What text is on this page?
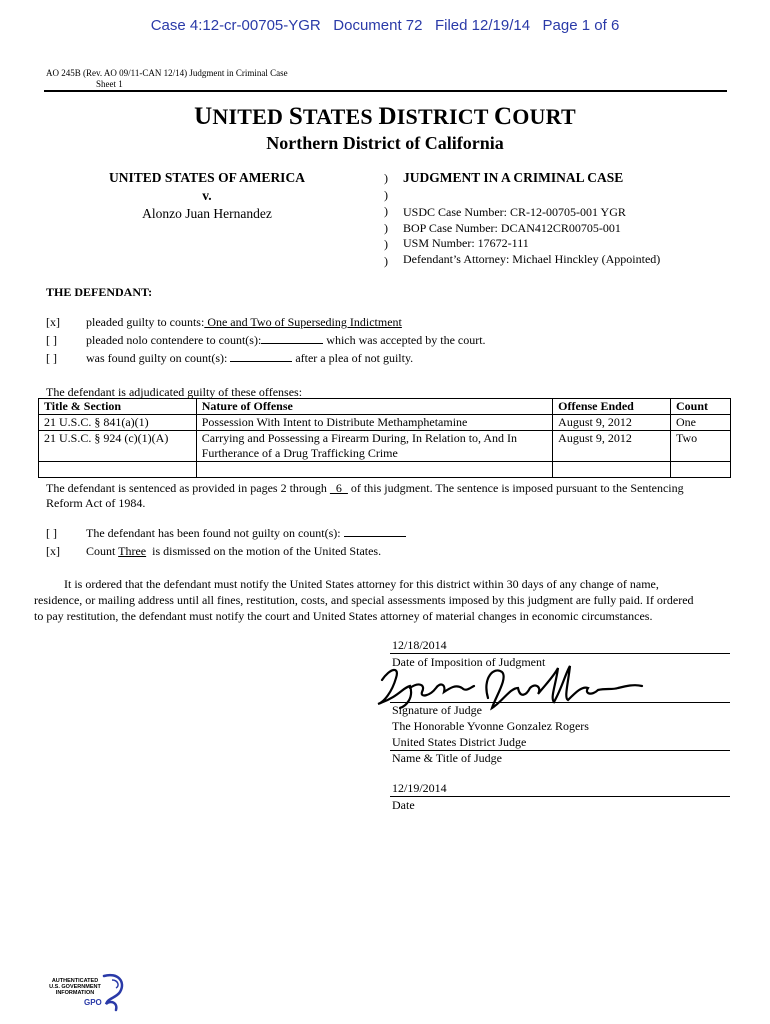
Case 4:12-cr-00705-YGR   Document 72   Filed 12/19/14   Page 1 of 6
AO 245B (Rev. AO 09/11-CAN 12/14) Judgment in Criminal Case
Sheet 1
UNITED STATES DISTRICT COURT
Northern District of California
UNITED STATES OF AMERICA
v.
Alonzo Juan Hernandez
)
)
)
)
)
)
JUDGMENT IN A CRIMINAL CASE
USDC Case Number: CR-12-00705-001 YGR
BOP Case Number: DCAN412CR00705-001
USM Number: 17672-111
Defendant’s Attorney: Michael Hinckley (Appointed)
THE DEFENDANT:
[x] pleaded guilty to counts: One and Two of Superseding Indictment
[ ] pleaded nolo contendere to count(s):	which was accepted by the court.
[ ] was found guilty on count(s):	after a plea of not guilty.
The defendant is adjudicated guilty of these offenses:
Title & Section	Nature of Offense	Offense Ended	Count
21 U.S.C. § 841(a)(1)	Possession With Intent to Distribute Methamphetamine	August 9, 2012	One
21 U.S.C. § 924 (c)(1)(A)	Carrying and Possessing a Firearm During, In Relation to, And In Furtherance of a Drug Trafficking Crime	August 9, 2012	Two

The defendant is sentenced as provided in pages 2 through   6   of this judgment. The sentence is imposed pursuant to the Sentencing
Reform Act of 1984.
[ ] The defendant has been found not guilty on count(s):
[x] Count Three  is dismissed on the motion of the United States.
It is ordered that the defendant must notify the United States attorney for this district within 30 days of any change of name,
residence, or mailing address until all fines, restitution, costs, and special assessments imposed by this judgment are fully paid. If ordered
to pay restitution, the defendant must notify the court and United States attorney of material changes in economic circumstances.
12/18/2014
Date of Imposition of Judgment
Signature of Judge
The Honorable Yvonne Gonzalez Rogers
United States District Judge
Name & Title of Judge
12/19/2014
Date
AUTHENTICATED
U.S. GOVERNMENT
INFORMATION
GPO
